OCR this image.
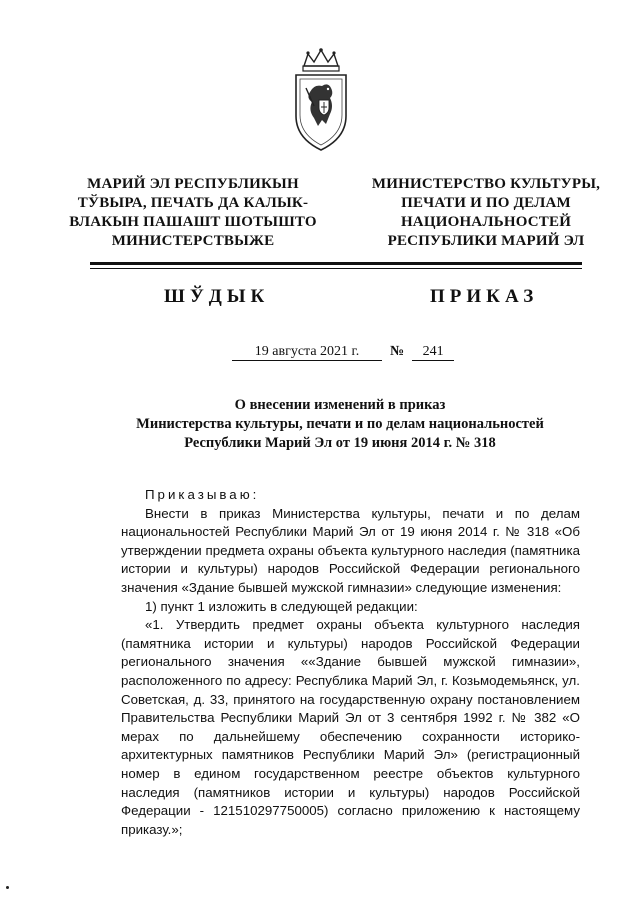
МАРИЙ ЭЛ РЕСПУБЛИКЫН
ТЎВЫРА, ПЕЧАТЬ ДА КАЛЫК-
ВЛАКЫН ПАШАШТ ШОТЫШТО
МИНИСТЕРСТВЫЖЕ
МИНИСТЕРСТВО КУЛЬТУРЫ,
ПЕЧАТИ И ПО ДЕЛАМ
НАЦИОНАЛЬНОСТЕЙ
РЕСПУБЛИКИ МАРИЙ ЭЛ
ШЎДЫК	ПРИКАЗ
19 августа 2021 г. № 241
О внесении изменений в приказ
Министерства культуры, печати и по делам национальностей
Республики Марий Эл от 19 июня 2014 г. № 318

Приказываю:

Внести в приказ Министерства культуры, печати и по делам национальностей Республики Марий Эл от 19 июня 2014 г. № 318 «Об утверждении предмета охраны объекта культурного наследия (памятника истории и культуры) народов Российской Федерации регионального значения «Здание бывшей мужской гимназии» следующие изменения:

1) пункт 1 изложить в следующей редакции:

«1. Утвердить предмет охраны объекта культурного наследия (памятника истории и культуры) народов Российской Федерации регионального значения ««Здание бывшей мужской гимназии», расположенного по адресу: Республика Марий Эл, г. Козьмодемьянск, ул. Советская, д. 33, принятого на государственную охрану постановлением Правительства Республики Марий Эл от 3 сентября 1992 г. № 382 «О мерах по дальнейшему обеспечению сохранности историко-архитектурных памятников Республики Марий Эл» (регистрационный номер в едином государственном реестре объектов культурного наследия (памятников истории и культуры) народов Российской Федерации - 121510297750005) согласно приложению к настоящему приказу.»;
